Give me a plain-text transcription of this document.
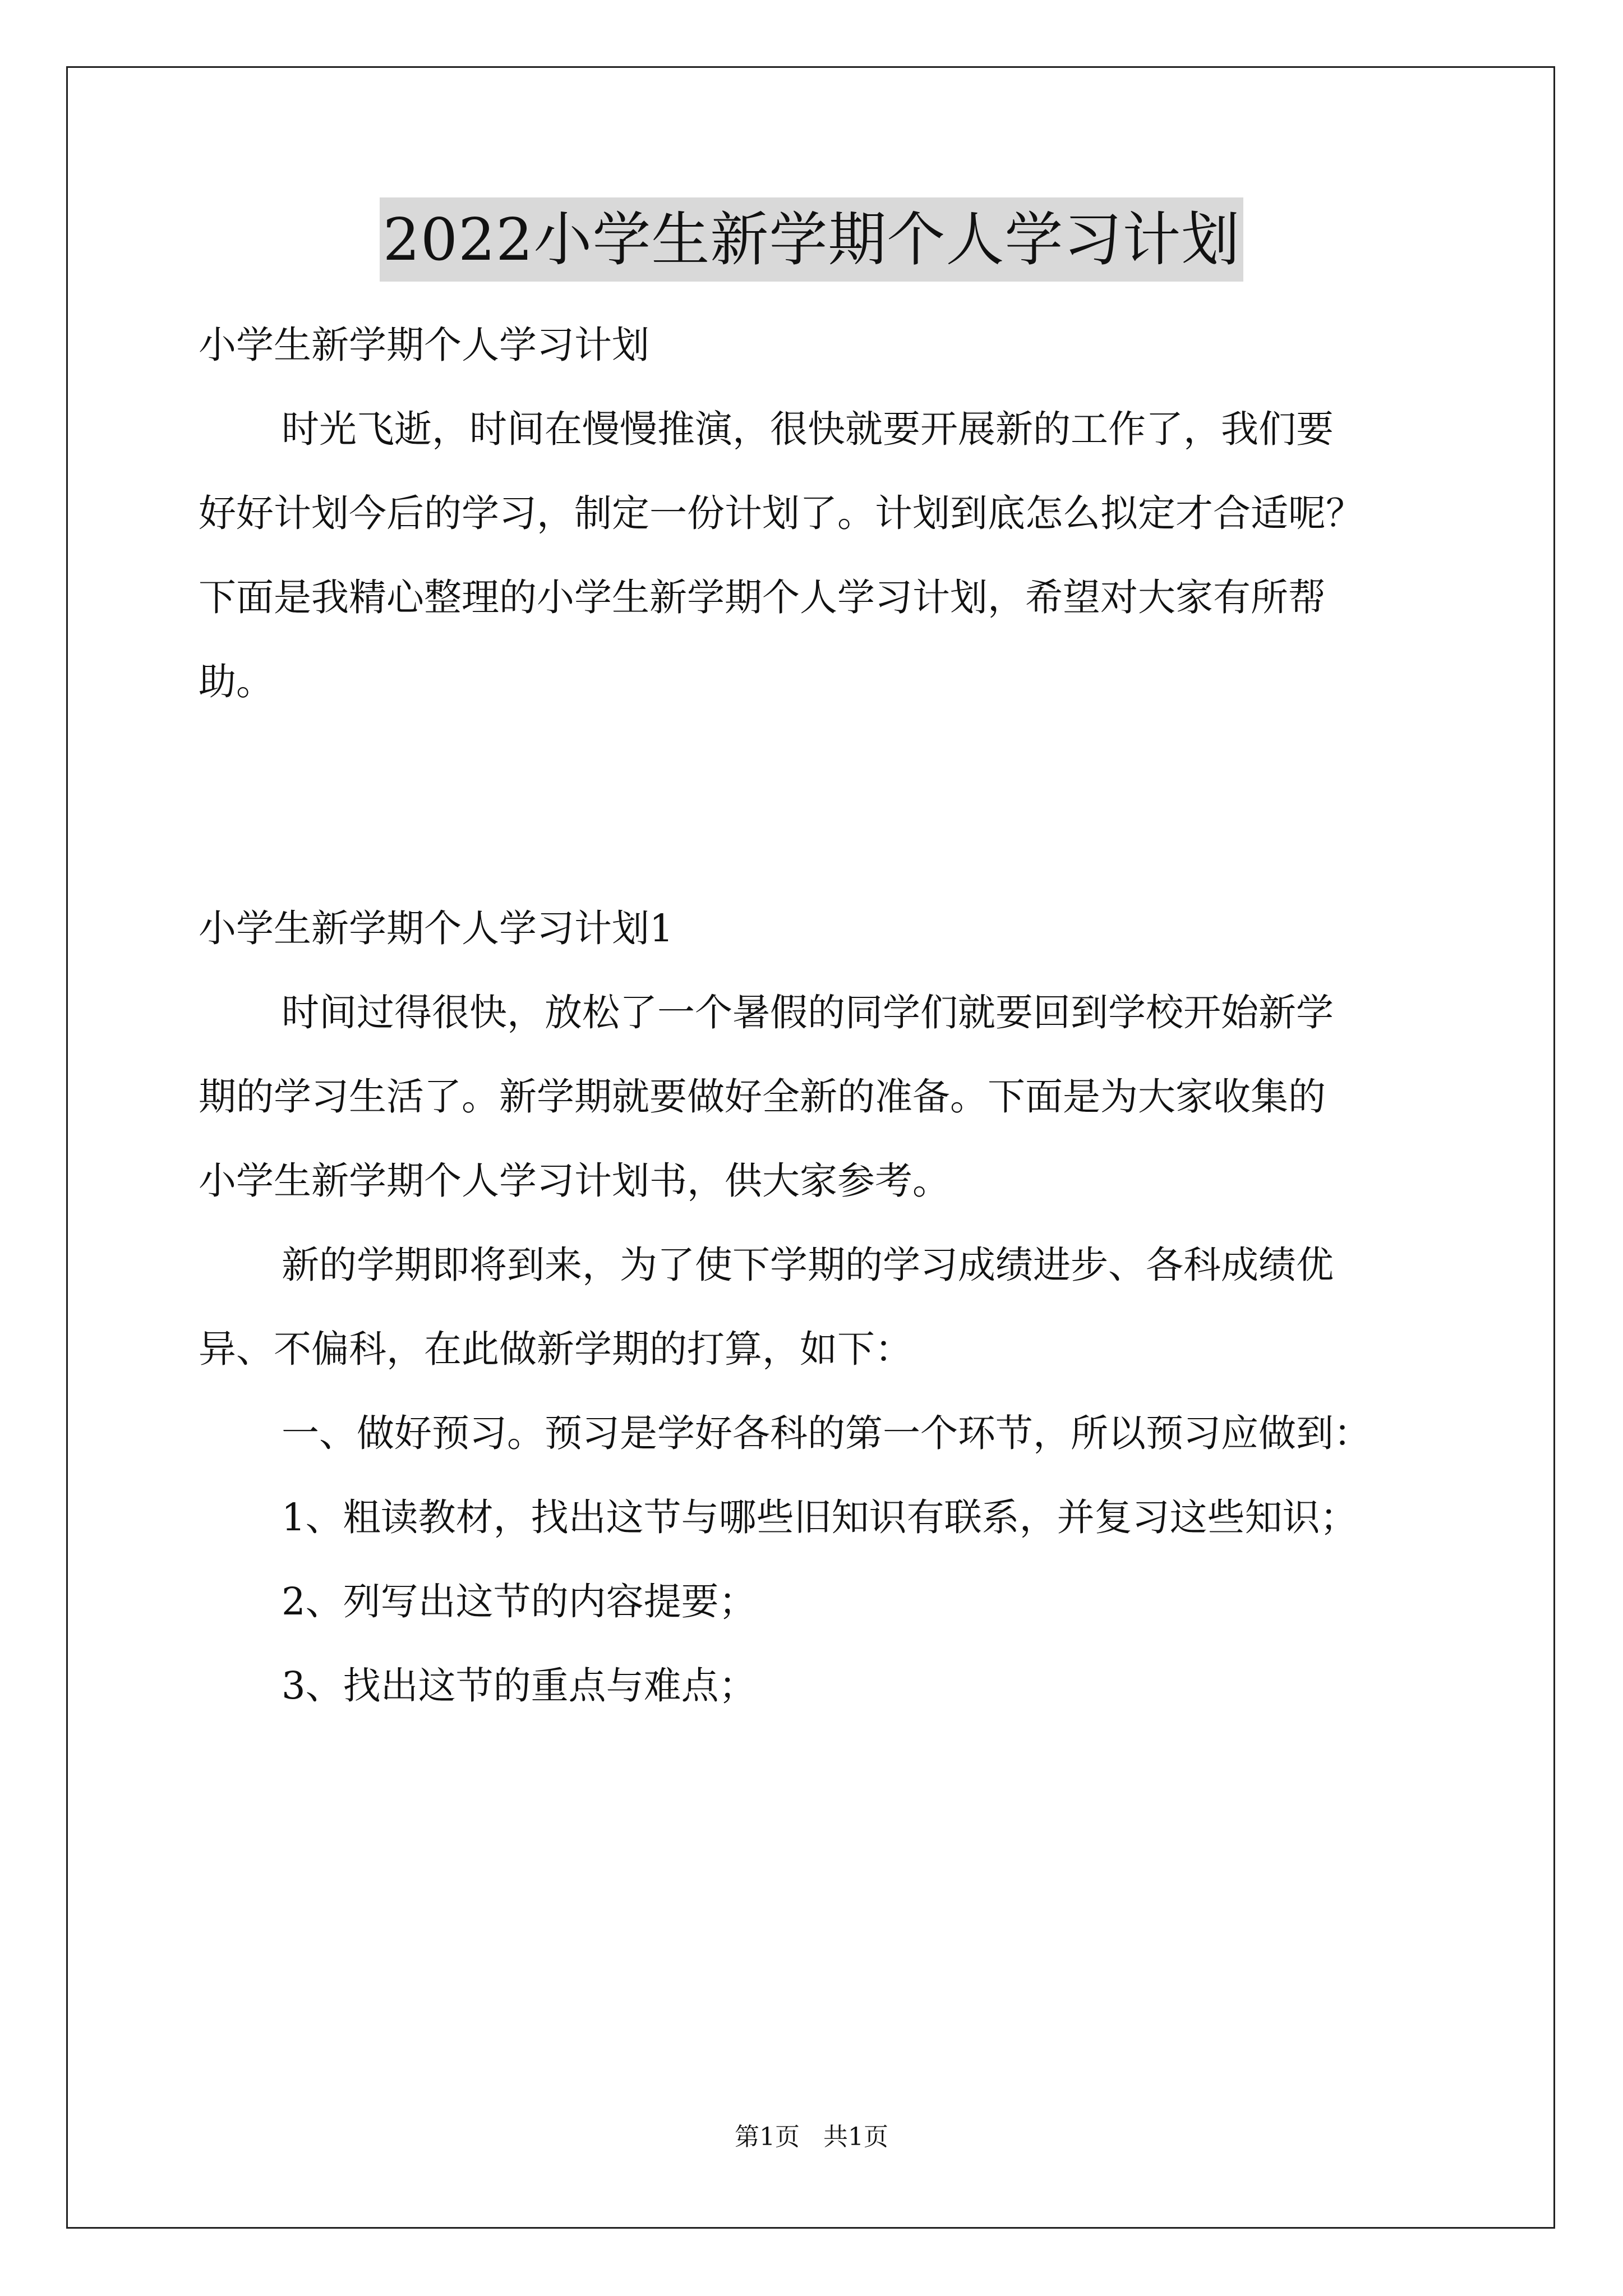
2022小学生新学期个人学习计划
小学生新学期个人学习计划
时光飞逝，时间在慢慢推演，很快就要开展新的工作了，我们要
好好计划今后的学习，制定一份计划了。计划到底怎么拟定才合适呢？
下面是我精心整理的小学生新学期个人学习计划，希望对大家有所帮
助。
小学生新学期个人学习计划1
时间过得很快，放松了一个暑假的同学们就要回到学校开始新学
期的学习生活了。新学期就要做好全新的准备。下面是为大家收集的
小学生新学期个人学习计划书，供大家参考。
新的学期即将到来，为了使下学期的学习成绩进步、各科成绩优
异、不偏科，在此做新学期的打算，如下：
一、做好预习。预习是学好各科的第一个环节，所以预习应做到：
1、粗读教材，找出这节与哪些旧知识有联系，并复习这些知识；
2、列写出这节的内容提要；
3、找出这节的重点与难点；
第1页   共1页
